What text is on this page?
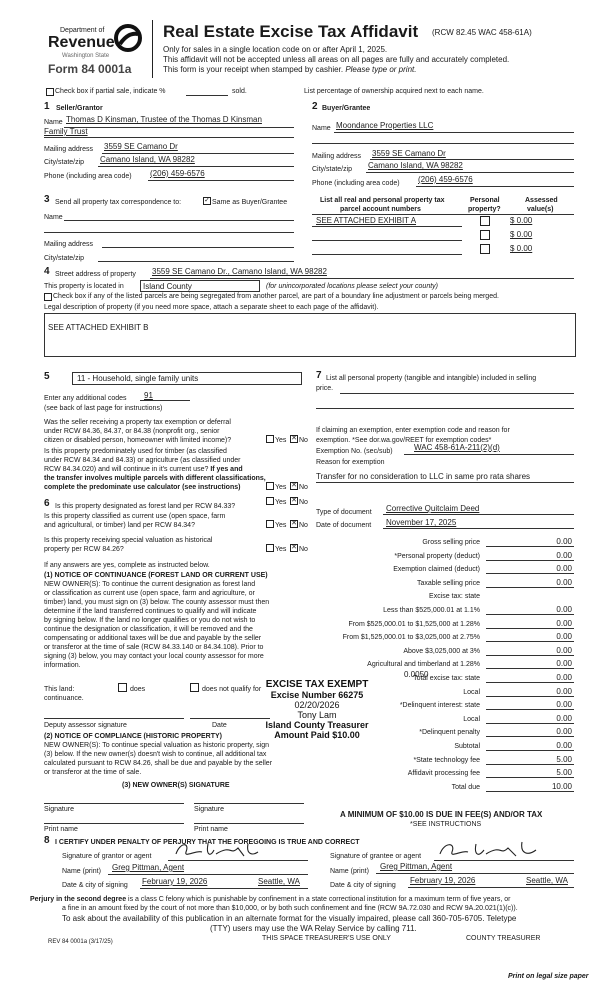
Department of
Revenue
Washington State
Form 84 0001a
Real Estate Excise Tax Affidavit (RCW 82.45 WAC 458-61A)
Only for sales in a single location code on or after April 1, 2025.
This affidavit will not be accepted unless all areas on all pages are fully and accurately completed.
This form is your receipt when stamped by cashier. Please type or print.
Check box if partial sale, indicate %	sold.	List percentage of ownership acquired next to each name.
1 Seller/Grantor
Name Thomas D Kinsman, Trustee of the Thomas D Kinsman
Family Trust
Mailing address 3559 SE Camano Dr
City/state/zip Camano Island, WA 98282
Phone (including area code) (206) 459-6576
2 Buyer/Grantee
Name Moondance Properties LLC
Mailing address 3559 SE Camano Dr
City/state/zip Camano Island, WA 98282
Phone (including area code) (206) 459-6576
3 Send all property tax correspondence to:	✓ Same as Buyer/Grantee
Name
Mailing address
City/state/zip
List all real and personal property tax
parcel account numbers
Personal
property?
Assessed
value(s)
SEE ATTACHED EXHIBIT A	$ 0.00
$ 0.00
$ 0.00
4 Street address of property 3559 SE Camano Dr., Camano Island, WA 98282
This property is located in Island County	(for unincorporated locations please select your county)
Check box if any of the listed parcels are being segregated from another parcel, are part of a boundary line adjustment or parcels being merged.
Legal description of property (if you need more space, attach a separate sheet to each page of the affidavit).
SEE ATTACHED EXHIBIT B
5	11 - Household, single family units
Enter any additional codes 91
(see back of last page for instructions)
Was the seller receiving a property tax exemption or deferral
under RCW 84.36, 84.37, or 84.38 (nonprofit org., senior
citizen or disabled person, homeowner with limited income)?	Yes ✕ No
Is this property predominately used for timber (as classified
under RCW 84.34 and 84.33) or agriculture (as classified under
RCW 84.34.020) and will continue in it's current use? If yes and
the transfer involves multiple parcels with different classifications,
complete the predominate use calculator (see instructions)	Yes ✕ No
6 Is this property designated as forest land per RCW 84.33?
Yes ✕ No
Is this property classified as current use (open space, farm
and agricultural, or timber) land per RCW 84.34?	Yes ✕ No
Is this property receiving special valuation as historical
property per RCW 84.26?	Yes ✕ No
If any answers are yes, complete as instructed below.
(1) NOTICE OF CONTINUANCE (FOREST LAND OR CURRENT USE)
NEW OWNER(S): To continue the current designation as forest land
or classification as current use (open space, farm and agriculture, or
timber) land, you must sign on (3) below. The county assessor must then
determine if the land transferred continues to qualify and will indicate
by signing below. If the land no longer qualifies or you do not wish to
continue the designation or classification, it will be removed and the
compensating or additional taxes will be due and payable by the seller
or transferor at the time of sale (RCW 84.33.140 or 84.34.108). Prior to
signing (3) below, you may contact your local county assessor for more
information.
This land:
continuance.
does	does not qualify for
Deputy assessor signature	Date
(2) NOTICE OF COMPLIANCE (HISTORIC PROPERTY)
NEW OWNER(S): To continue special valuation as historic property, sign
(3) below. If the new owner(s) doesn't wish to continue, all additional tax
calculated pursuant to RCW 84.26, shall be due and payable by the seller
or transferor at the time of sale.
(3) NEW OWNER(S) SIGNATURE
Signature	Signature
Print name	Print name
7 List all personal property (tangible and intangible) included in selling
price.
If claiming an exemption, enter exemption code and reason for
exemption. *See dor.wa.gov/REET for exemption codes*
Exemption No. (sec/sub)	WAC 458-61A-211(2)(d)
Reason for exemption
Transfer for no consideration to LLC in same pro rata shares
Type of document Corrective Quitclaim Deed
Date of document November 17, 2025
Gross selling price	0.00
*Personal property (deduct)	0.00
Exemption claimed (deduct)	0.00
Taxable selling price	0.00
Excise tax: state
Less than $525,000.01 at 1.1%	0.00
From $525,000.01 to $1,525,000 at 1.28%	0.00
From $1,525,000.01 to $3,025,000 at 2.75%	0.00
Above $3,025,000 at 3%	0.00
Agricultural and timberland at 1.28%	0.00
Total excise tax: state	0.00
Local	0.00
*Delinquent interest: state	0.00
Local	0.00
*Delinquent penalty	0.00
Subtotal	0.00
*State technology fee	5.00
Affidavit processing fee	5.00
Total due	10.00
0.0050
EXCISE TAX EXEMPT
Excise Number 66275
02/20/2026
Tony Lam
Island County Treasurer
Amount Paid $10.00
A MINIMUM OF $10.00 IS DUE IN FEE(S) AND/OR TAX
*SEE INSTRUCTIONS
8 I CERTIFY UNDER PENALTY OF PERJURY THAT THE FOREGOING IS TRUE AND CORRECT
Signature of grantor or agent
Name (print) Greg Pittman, Agent
Date & city of signing February 19, 2026	Seattle, WA
Signature of grantee or agent
Name (print)
Greg Pittman, Agent
Date & city of signing
February 19, 2026	Seattle, WA
Perjury in the second degree is a class C felony which is punishable by confinement in a state correctional institution for a maximum term of five years, or
a fine in an amount fixed by the court of not more than $10,000, or by both such confinement and fine (RCW 9A.72.030 and RCW 9A.20.021(1)(c)).
To ask about the availability of this publication in an alternate format for the visually impaired, please call 360-705-6705. Teletype
(TTY) users may use the WA Relay Service by calling 711.
REV 84 0001a (3/17/25)	THIS SPACE TREASURER'S USE ONLY	COUNTY TREASURER
Print on legal size paper
